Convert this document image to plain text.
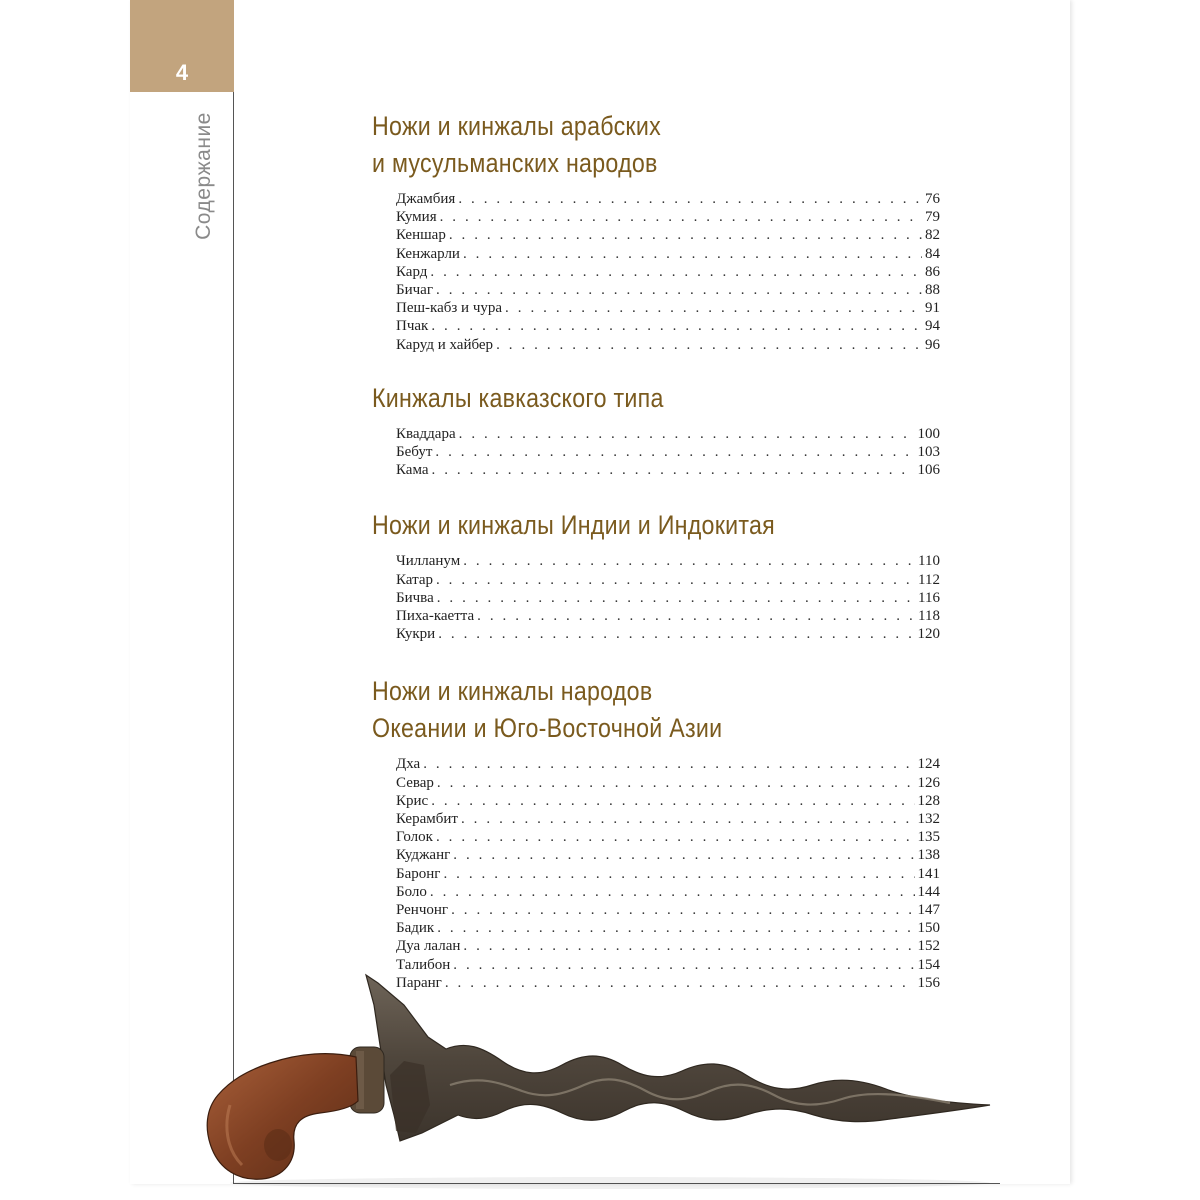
4
Содержание	Ножи и кинжалы арабских
и мусульманских народов
Джамбия . . .	76
Кумия . . .	79
Кеншар . . .	82
Кенжарли . . .	84
Кард . . .	86
Бичаг . . .	88
Пеш-кабз и чура . . .	91
Пчак . . .	94
Каруд и хайбер . . .	96
Кинжалы кавказского типа
Кваддара . . .	100
Бебут . . .	103
Кама . . .	106
Ножи и кинжалы Индии и Индокитая
Чилланум . . .	110
Катар . . .	112
Бичва . . .	116
Пиха-каетта . . .	118
Кукри . . .	120
Ножи и кинжалы народов
Океании и Юго-Восточной Азии
Дха . . .	124
Севар . . .	126
Крис . . .	128
Керамбит . . .	132
Голок . . .	135
Куджанг . . .	138
Баронг . . .	141
Боло . . .	144
Ренчонг . . .	147
Бадик . . .	150
Дуа лалан . . .	152
Талибон . . .	154
Паранг . . .	156
